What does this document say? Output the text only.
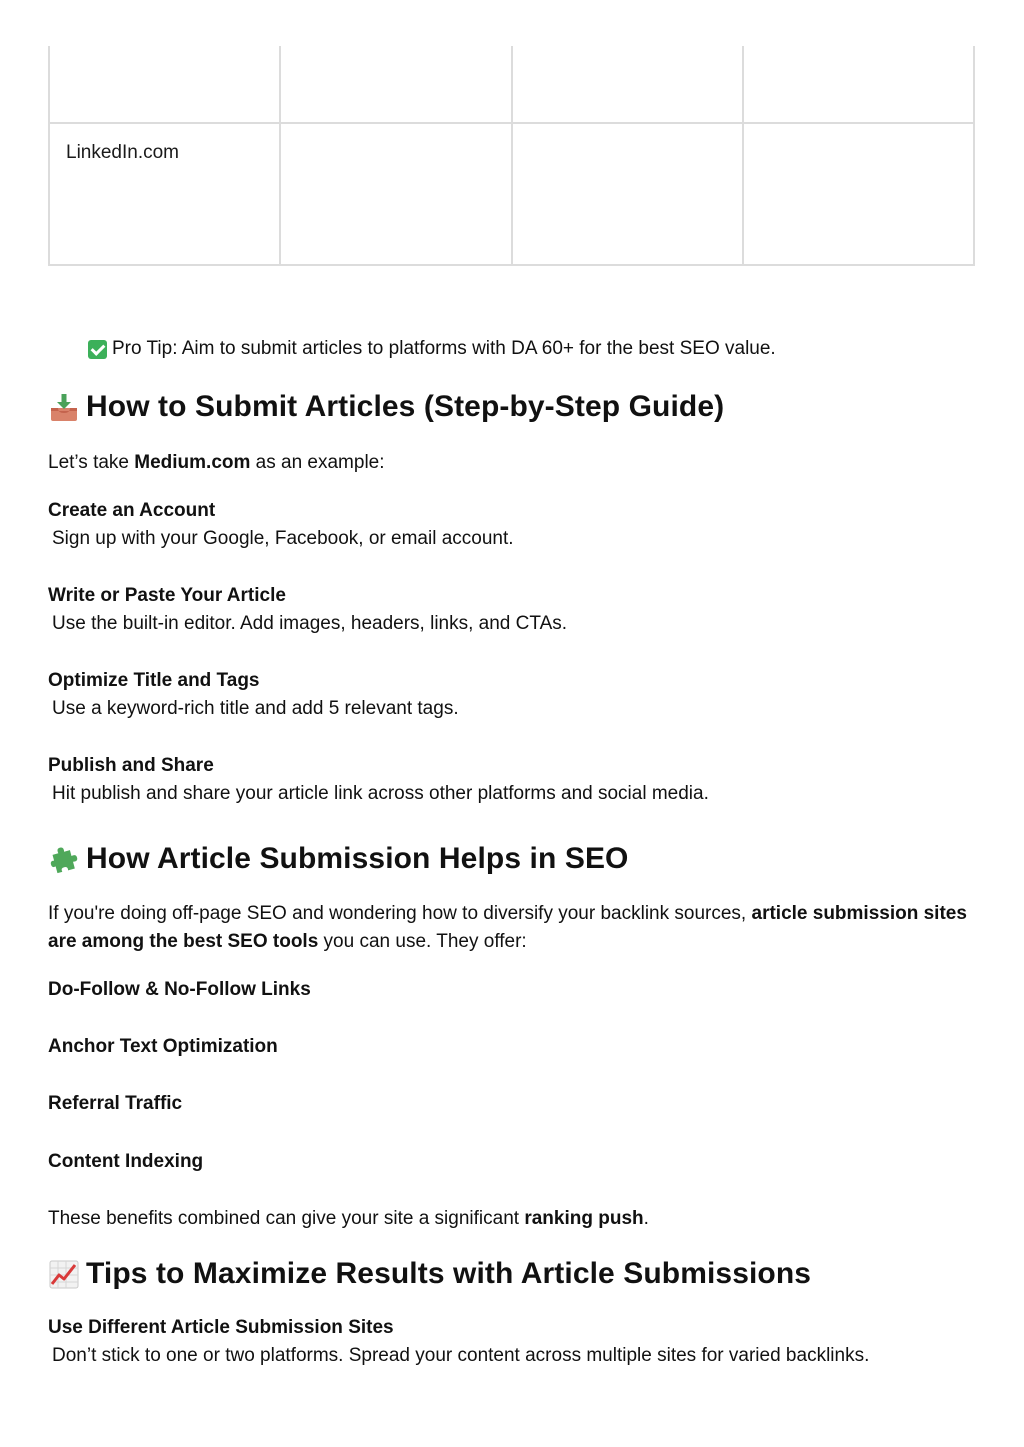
LinkedIn.com			

Pro Tip: Aim to submit articles to platforms with DA 60+ for the best SEO value.
How to Submit Articles (Step-by-Step Guide)
Let’s take Medium.com as an example:
Create an Account
Sign up with your Google, Facebook, or email account.
Write or Paste Your Article
Use the built-in editor. Add images, headers, links, and CTAs.
Optimize Title and Tags
Use a keyword-rich title and add 5 relevant tags.
Publish and Share
Hit publish and share your article link across other platforms and social media.
How Article Submission Helps in SEO
If you're doing off-page SEO and wondering how to diversify your backlink sources, article submission sites are among the best SEO tools you can use. They offer:
Do-Follow & No-Follow Links
Anchor Text Optimization
Referral Traffic
Content Indexing
These benefits combined can give your site a significant ranking push.
Tips to Maximize Results with Article Submissions
Use Different Article Submission Sites
Don’t stick to one or two platforms. Spread your content across multiple sites for varied backlinks.
